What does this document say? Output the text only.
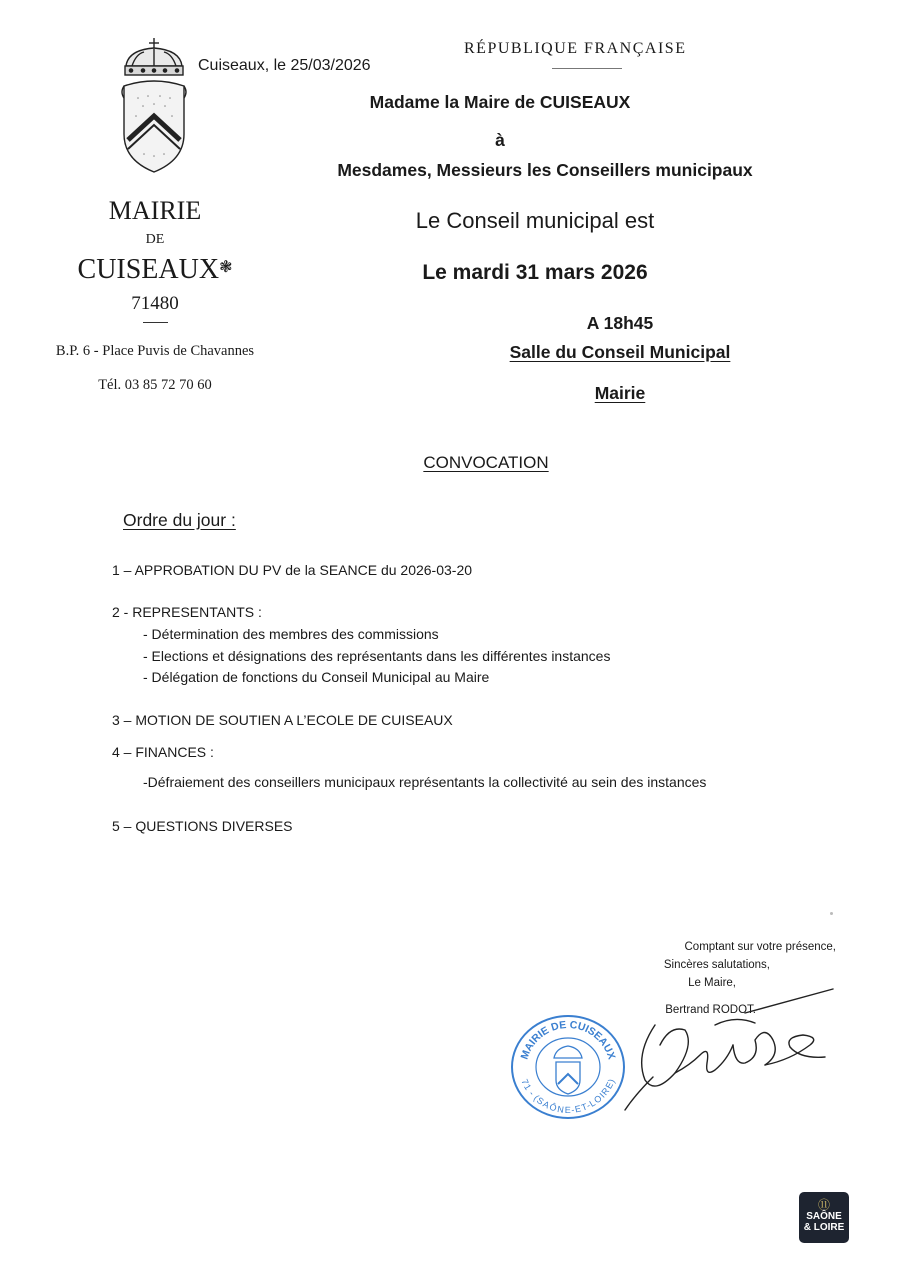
Cuiseaux, le 25/03/2026
RÉPUBLIQUE FRANÇAISE
MAIRIE
DE
CUISEAUX❃
71480
B.P. 6 - Place Puvis de Chavannes
Tél. 03 85 72 70 60
Madame la Maire de CUISEAUX
à
Mesdames, Messieurs les Conseillers municipaux
Le Conseil municipal est
Le mardi 31 mars 2026
A 18h45
Salle du Conseil Municipal
Mairie
CONVOCATION
Ordre du jour :
1 – APPROBATION DU PV de la SEANCE du 2026-03-20
2 - REPRESENTANTS :
- Détermination des membres des commissions
- Elections et désignations des représentants dans les différentes instances
- Délégation de fonctions du Conseil Municipal au Maire
3 – MOTION DE SOUTIEN A L’ECOLE DE CUISEAUX
4 – FINANCES :
-Défraiement des conseillers municipaux représentants la collectivité au sein des instances
5 – QUESTIONS DIVERSES
Comptant sur votre présence,
Sincères salutations,
Le Maire,
Bertrand RODOT.
MAIRIE DE CUISEAUX
71 - (SAÔNE-ET-LOIRE)
⑪
SAÔNE
& LOIRE
